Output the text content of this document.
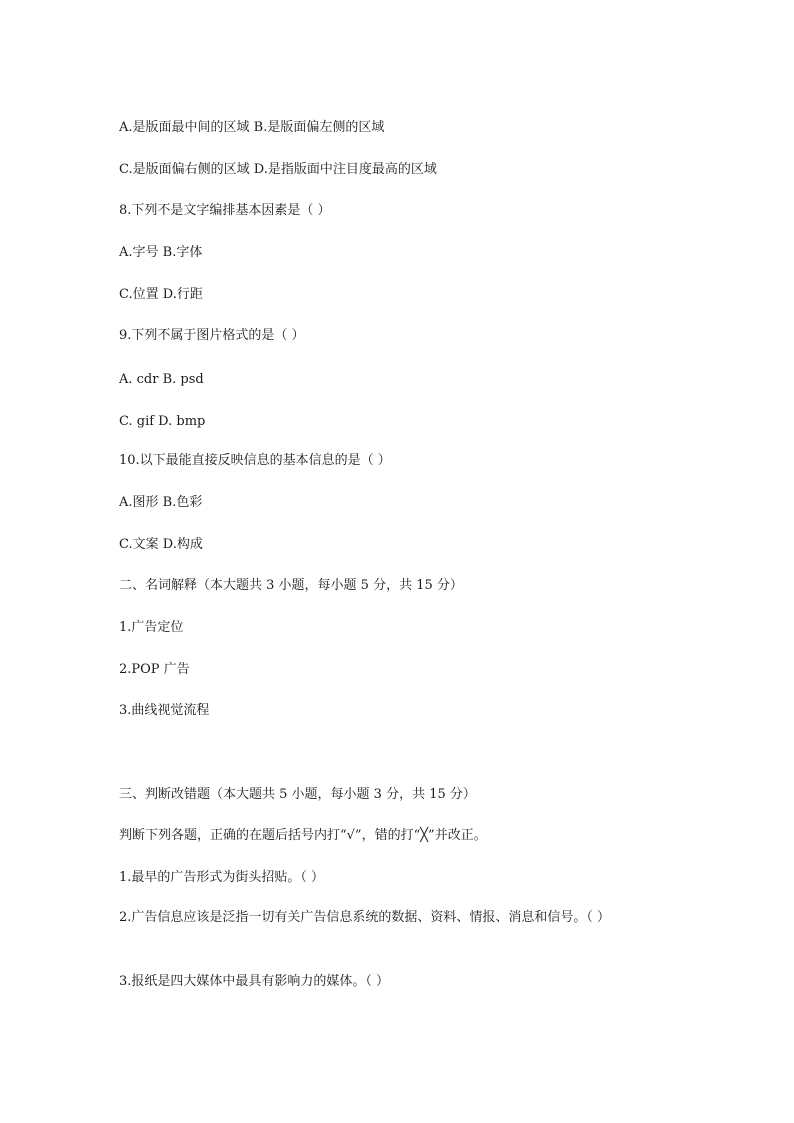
A.是版面最中间的区域 B.是版面偏左侧的区域
C.是版面偏右侧的区域 D.是指版面中注目度最高的区域
8.下列不是文字编排基本因素是（ ）
A.字号 B.字体
C.位置 D.行距
9.下列不属于图片格式的是（ ）
A. cdr B. psd
C. gif D. bmp
10.以下最能直接反映信息的基本信息的是（ ）
A.图形 B.色彩
C.文案 D.构成
二、名词解释（本大题共 3 小题，每小题 5 分，共 15 分）
1.广告定位
2.POP 广告
3.曲线视觉流程
三、判断改错题（本大题共 5 小题，每小题 3 分，共 15 分）
判断下列各题，正确的在题后括号内打“√”，错的打“╳”并改正。
1.最早的广告形式为街头招贴。（ ）
2.广告信息应该是泛指一切有关广告信息系统的数据、资料、情报、消息和信号。（ ）
3.报纸是四大媒体中最具有影响力的媒体。（ ）
